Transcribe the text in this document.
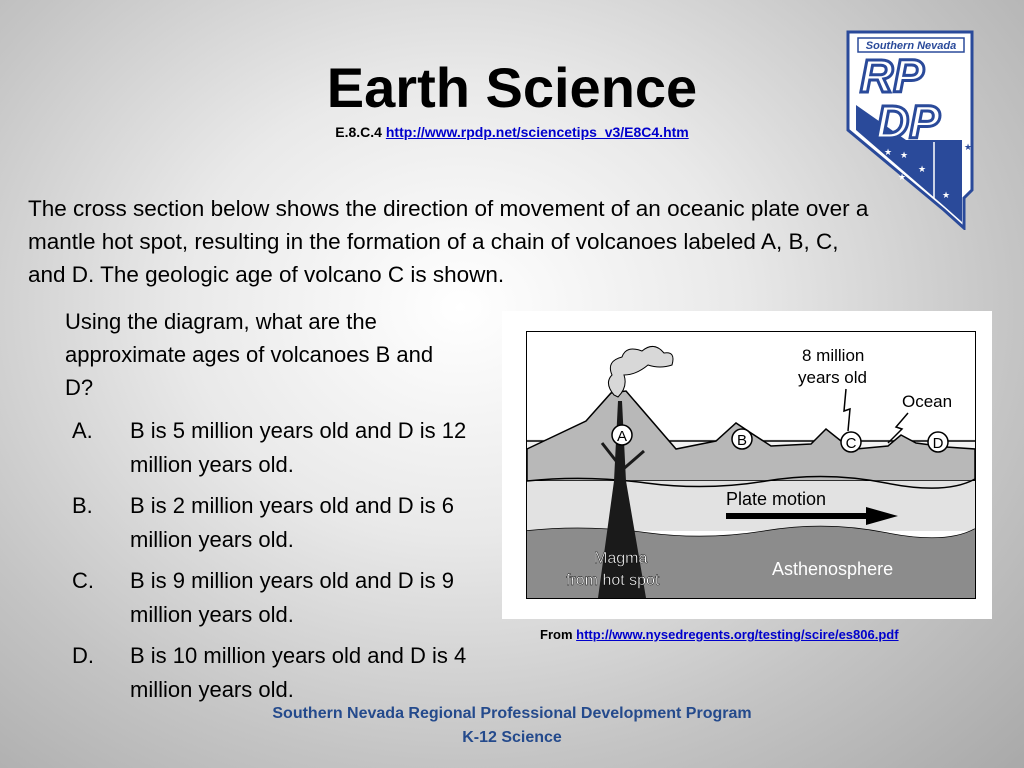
Earth Science
E.8.C.4 http://www.rpdp.net/sciencetips_v3/E8C4.htm
Southern Nevada
RP
DP
★ ★
★
★
★
★

The cross section below shows the direction of movement of an oceanic plate over a mantle hot spot, resulting in the formation of a chain of volcanoes labeled A, B, C, and D. The geologic age of volcano C is shown.

Using the diagram, what are the approximate ages of volcanoes B and D?

A.	B is 5 million years old and D is 12 million years old.
B.	B is 2 million years old and D is 6 million years old.
C.	B is 9 million years old and D is 9 million years old.
D.	B is 10 million years old and D is 4 million years old.
Plate motion
A	B	C	D
8 million
years old
Ocean
Magma
from hot spot
Asthenosphere
From http://www.nysedregents.org/testing/scire/es806.pdf
Southern Nevada Regional Professional Development Program
K-12 Science
